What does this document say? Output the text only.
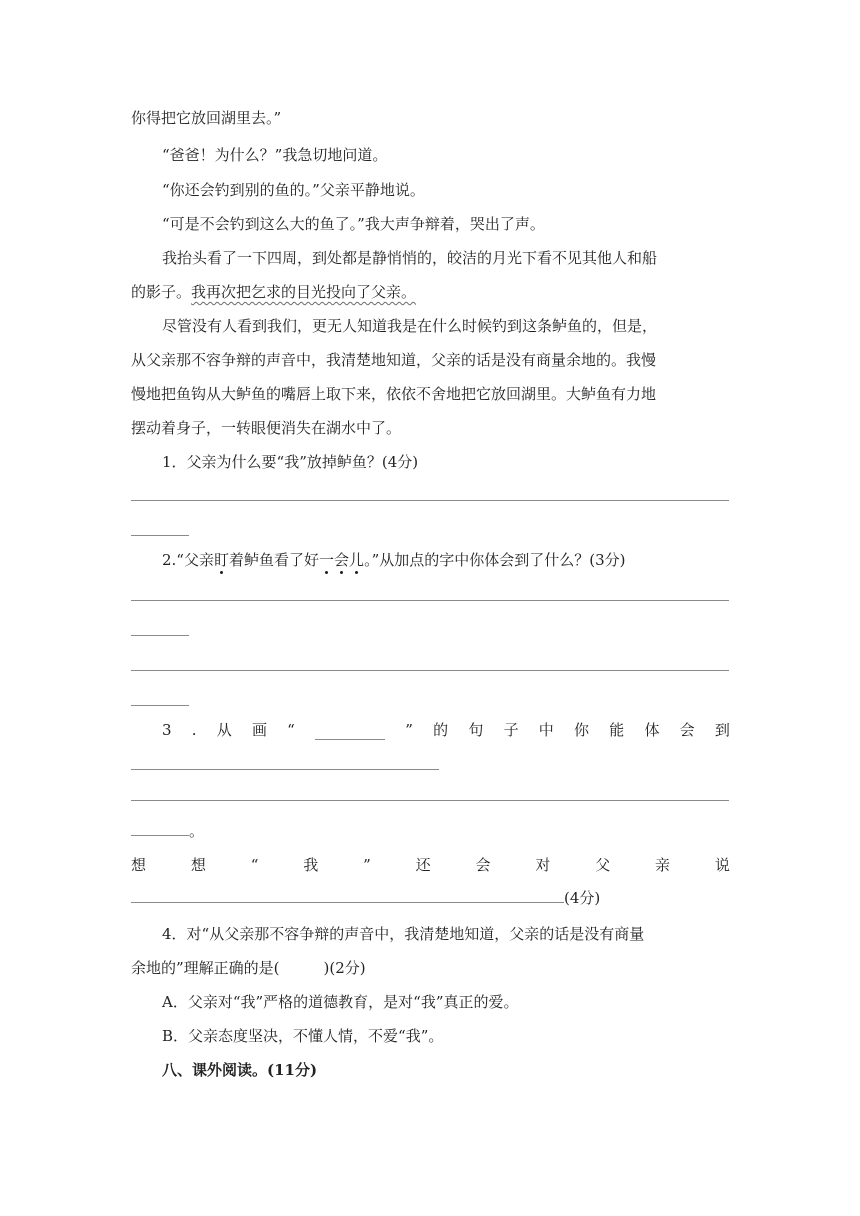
你得把它放回湖里去。”
“爸爸！为什么？”我急切地问道。
“你还会钓到别的鱼的。”父亲平静地说。
“可是不会钓到这么大的鱼了。”我大声争辩着，哭出了声。
我抬头看了一下四周，到处都是静悄悄的，皎洁的月光下看不见其他人和船
的影子。我再次把乞求的目光投向了父亲。
尽管没有人看到我们，更无人知道我是在什么时候钓到这条鲈鱼的，但是，
从父亲那不容争辩的声音中，我清楚地知道，父亲的话是没有商量余地的。我慢
慢地把鱼钩从大鲈鱼的嘴唇上取下来，依依不舍地把它放回湖里。大鲈鱼有力地
摆动着身子，一转眼便消失在湖水中了。
1．父亲为什么要“我”放掉鲈鱼？(4分)
2.“父亲盯着鲈鱼看了好一会儿。”从加点的字中你体会到了什么？(3分)
3 . 从 画 “	” 的 句 子 中 你 能 体 会 到
。
想	想	“	我	”	还	会	对	父	亲	说
(4分)
4．对“从父亲那不容争辩的声音中，我清楚地知道，父亲的话是没有商量
余地的”理解正确的是(	)(2分)
A．父亲对“我”严格的道德教育，是对“我”真正的爱。
B．父亲态度坚决，不懂人情，不爱“我”。
八、课外阅读。(11分)
